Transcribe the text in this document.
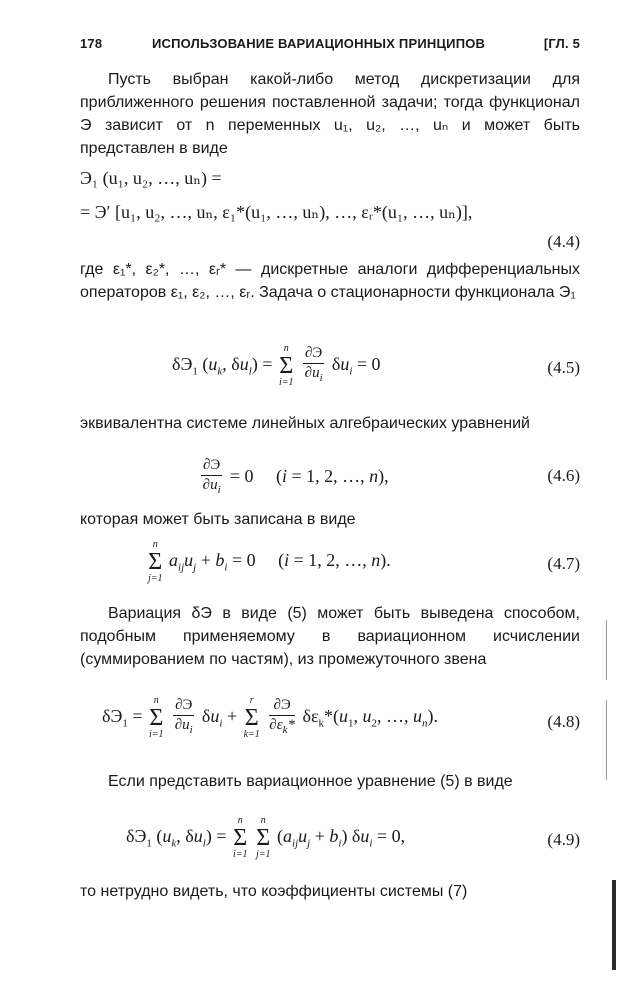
178	ИСПОЛЬЗОВАНИЕ ВАРИАЦИОННЫХ ПРИНЦИПОВ	[ГЛ. 5

Пусть выбран какой-либо метод дискретизации для приближенного решения поставленной задачи; тогда функционал Э зависит от n переменных u₁, u₂, …, uₙ и может быть представлен в виде

Э₁ (u₁, u₂, …, uₙ) =
= Э′ [u₁, u₂, …, uₙ, ε₁*(u₁, …, uₙ), …, εᵣ*(u₁, …, uₙ)],
(4.4)

где ε₁*, ε₂*, …, εᵣ* — дискретные аналоги дифференциальных операторов ε₁, ε₂, …, εᵣ. Задача о стационарности функционала Э₁

$\delta Э_1$ ($u_k$, $\delta u_l$) =
n
Σ
i=1
$\frac{\partial Э}{\partial u_i} \delta u_i = 0$	(4.5)

эквивалентна системе линейных алгебраических уравнений

$\frac{\partial Э}{\partial u_i} = 0$     (i = 1, 2, …, n),	(4.6)

которая может быть записана в виде

n
Σ
j=1
$a_{ij}u_j + b_i = 0$     (i = 1, 2, …, n).	(4.7)

Вариация δЭ в виде (5) может быть выведена способом, подобным применяемому в вариационном исчислении (суммированием по частям), из промежуточного звена

$\delta Э_1$ =
n
Σ
i=1
$\frac{\partial Э}{\partial u_i} \delta u_i$ +
r
Σ
k=1
$\frac{\partial Э}{\partial\varepsilon_k*} \delta\varepsilon_k*(u_1$, $u_2$, …, $u_n$).	(4.8)

Если представить вариационное уравнение (5) в виде

$\delta Э_1$ ($u_k$, $\delta u_l$) =
n
Σ
i=1

n
Σ
j=1
$(a_{ij}u_j + b_i) \delta u_i = 0$,	(4.9)

то нетрудно видеть, что коэффициенты системы (7)
